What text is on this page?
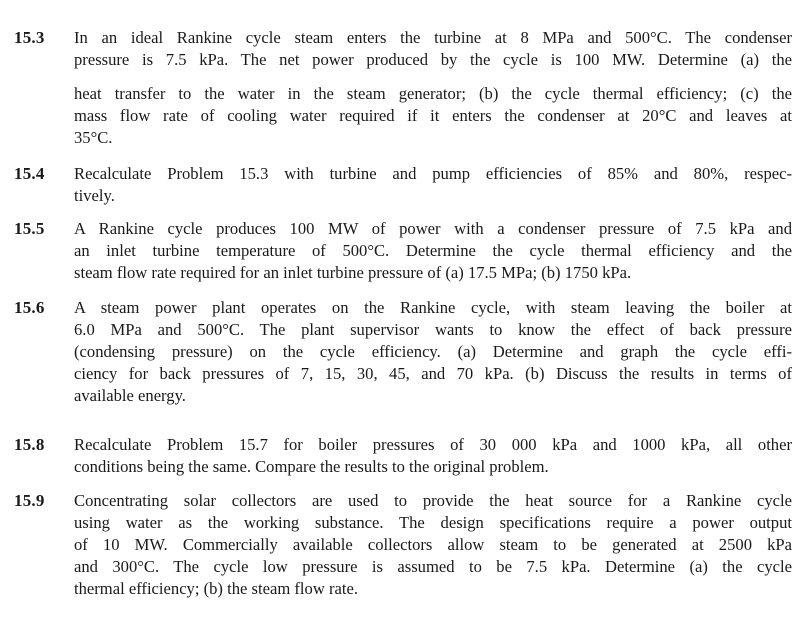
15.3	In an ideal Rankine cycle steam enters the turbine at 8 MPa and 500°C. The condenser
pressure is 7.5 kPa. The net power produced by the cycle is 100 MW. Determine (a) the
heat transfer to the water in the steam generator; (b) the cycle thermal efficiency; (c) the
mass flow rate of cooling water required if it enters the condenser at 20°C and leaves at
35°C.
15.4	Recalculate Problem 15.3 with turbine and pump efficiencies of 85% and 80%, respec-
tively.
15.5	A Rankine cycle produces 100 MW of power with a condenser pressure of 7.5 kPa and
an inlet turbine temperature of 500°C. Determine the cycle thermal efficiency and the
steam flow rate required for an inlet turbine pressure of (a) 17.5 MPa; (b) 1750 kPa.
15.6	A steam power plant operates on the Rankine cycle, with steam leaving the boiler at
6.0 MPa and 500°C. The plant supervisor wants to know the effect of back pressure
(condensing pressure) on the cycle efficiency. (a) Determine and graph the cycle effi-
ciency for back pressures of 7, 15, 30, 45, and 70 kPa. (b) Discuss the results in terms of
available energy.
15.8	Recalculate Problem 15.7 for boiler pressures of 30 000 kPa and 1000 kPa, all other
conditions being the same. Compare the results to the original problem.
15.9	Concentrating solar collectors are used to provide the heat source for a Rankine cycle
using water as the working substance. The design specifications require a power output
of 10 MW. Commercially available collectors allow steam to be generated at 2500 kPa
and 300°C. The cycle low pressure is assumed to be 7.5 kPa. Determine (a) the cycle
thermal efficiency; (b) the steam flow rate.
